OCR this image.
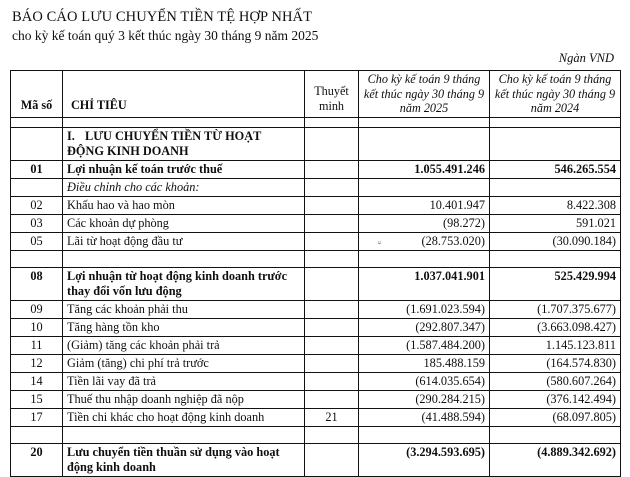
BÁO CÁO LƯU CHUYỂN TIỀN TỆ HỢP NHẤT
cho kỳ kế toán quý 3 kết thúc ngày 30 tháng 9 năm 2025
Ngàn VND
Mã số	CHỈ TIÊU	Thuyết minh	Cho kỳ kế toán 9 tháng kết thúc ngày 30 tháng 9 năm 2025	Cho kỳ kế toán 9 tháng kết thúc ngày 30 tháng 9 năm 2024

	I. LƯU CHUYỂN TIỀN TỪ HOẠT ĐỘNG KINH DOANH			
01	Lợi nhuận kế toán trước thuế		1.055.491.246	546.265.554
	Điều chỉnh cho các khoản:			
02	Khấu hao và hao mòn		10.401.947	8.422.308
03	Các khoản dự phòng		(98.272)	591.021
05	Lãi từ hoạt động đầu tư		(28.753.020)	(30.090.184)

08	Lợi nhuận từ hoạt động kinh doanh trước thay đổi vốn lưu động		1.037.041.901	525.429.994
09	Tăng các khoản phải thu		(1.691.023.594)	(1.707.375.677)
10	Tăng hàng tồn kho		(292.807.347)	(3.663.098.427)
11	(Giảm) tăng các khoản phải trả		(1.587.484.200)	1.145.123.811
12	Giảm (tăng) chi phí trả trước		185.488.159	(164.574.830)
14	Tiền lãi vay đã trả		(614.035.654)	(580.607.264)
15	Thuế thu nhập doanh nghiệp đã nộp		(290.284.215)	(376.142.494)
17	Tiền chi khác cho hoạt động kinh doanh	21	(41.488.594)	(68.097.805)

20	Lưu chuyển tiền thuần sử dụng vào hoạt động kinh doanh		(3.294.593.695)	(4.889.342.692)
⸚
